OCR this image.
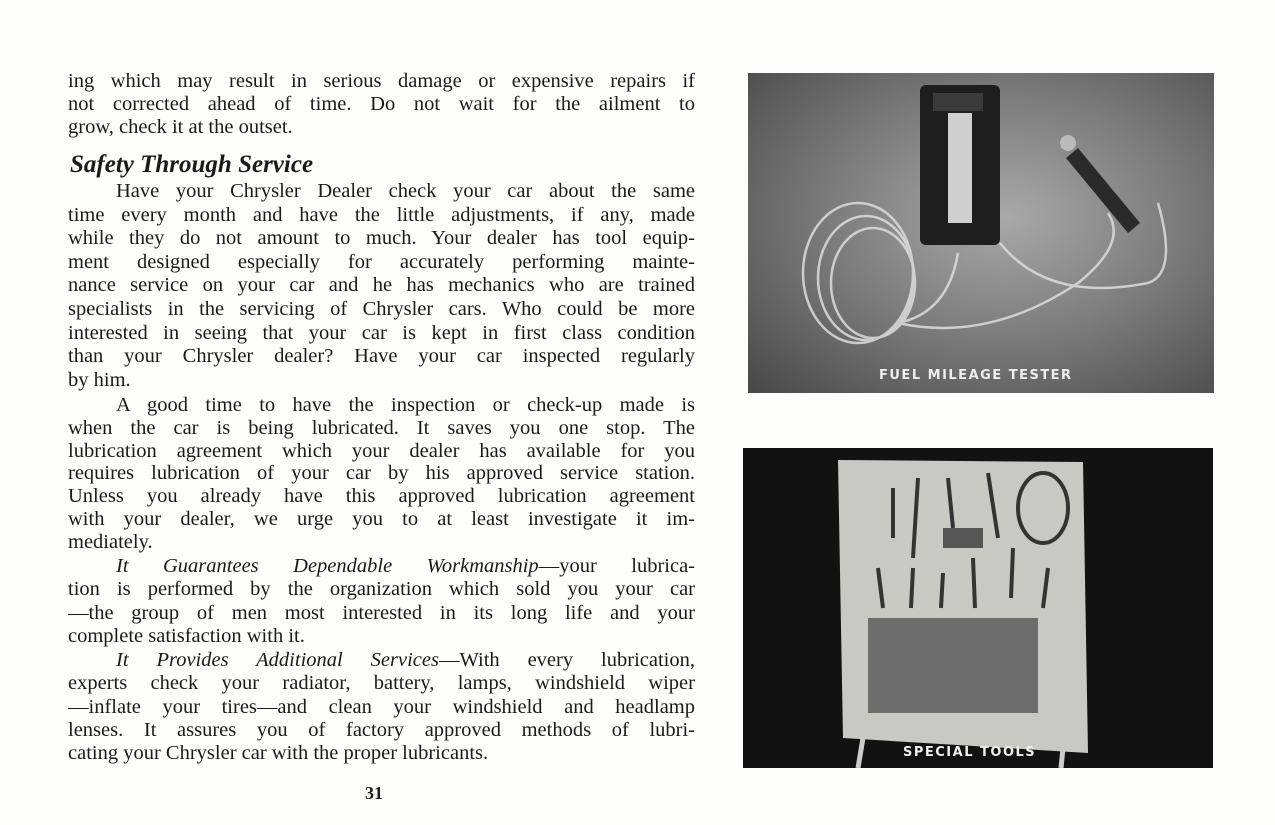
ing which may result in serious damage or expensive repairs if
not corrected ahead of time. Do not wait for the ailment to
grow, check it at the outset.
Safety Through Service
Have your Chrysler Dealer check your car about the same
time every month and have the little adjustments, if any, made
while they do not amount to much. Your dealer has tool equip-
ment designed especially for accurately performing mainte-
nance service on your car and he has mechanics who are trained
specialists in the servicing of Chrysler cars. Who could be more
interested in seeing that your car is kept in first class condition
than your Chrysler dealer? Have your car inspected regularly
by him.
A good time to have the inspection or check-up made is
when the car is being lubricated. It saves you one stop. The
lubrication agreement which your dealer has available for you
requires lubrication of your car by his approved service station.
Unless you already have this approved lubrication agreement
with your dealer, we urge you to at least investigate it im-
mediately.
It Guarantees Dependable Workmanship—your lubrica-
tion is performed by the organization which sold you your car
—the group of men most interested in its long life and your
complete satisfaction with it.
It Provides Additional Services—With every lubrication,
experts check your radiator, battery, lamps, windshield wiper
—inflate your tires—and clean your windshield and headlamp
lenses. It assures you of factory approved methods of lubri-
cating your Chrysler car with the proper lubricants.
31
FUEL MILEAGE TESTER
SPECIAL TOOLS
